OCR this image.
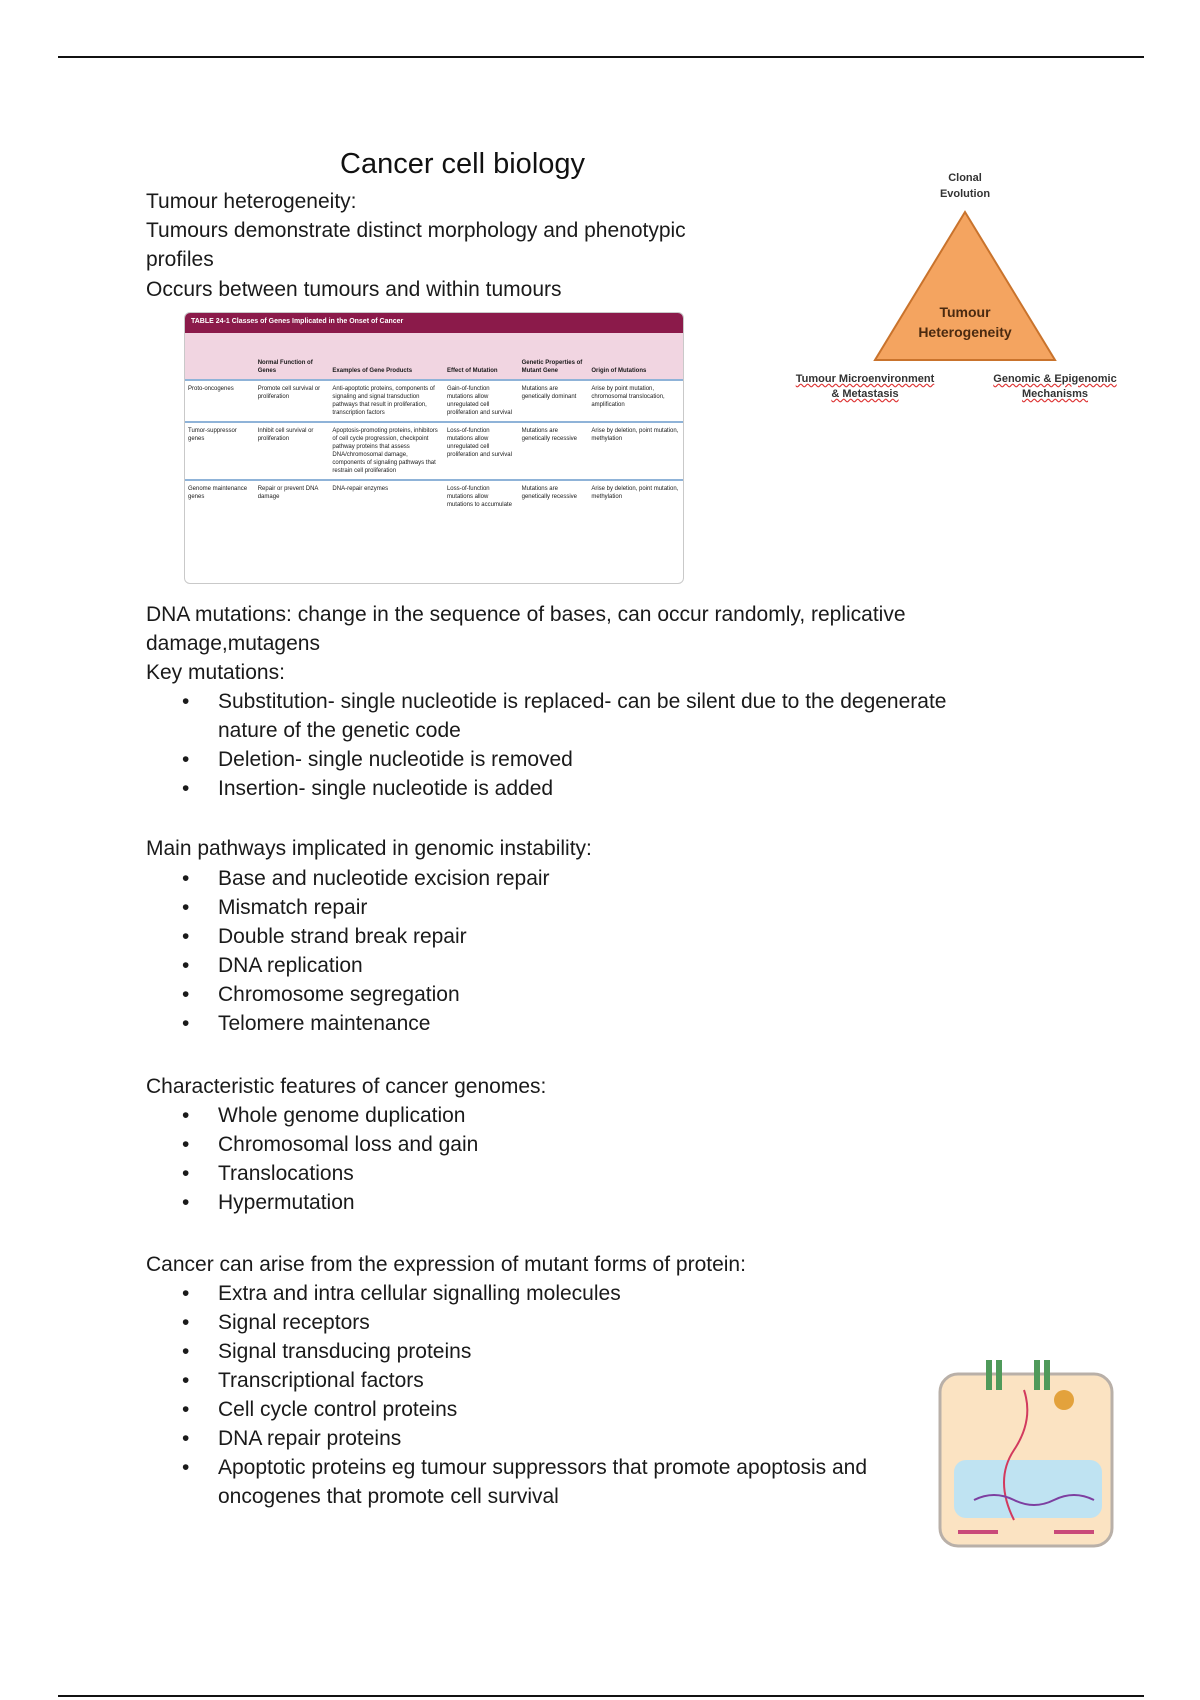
Cancer cell biology
Tumour heterogeneity:
Tumours demonstrate distinct morphology and phenotypic
profiles
Occurs between tumours and within tumours
TABLE 24-1 Classes of Genes Implicated in the Onset of Cancer
	Normal Function of Genes	Examples of Gene Products	Effect of Mutation	Genetic Properties of Mutant Gene	Origin of Mutations
Proto-oncogenes	Promote cell survival or proliferation	Anti-apoptotic proteins, components of signaling and signal transduction pathways that result in proliferation, transcription factors	Gain-of-function mutations allow unregulated cell proliferation and survival	Mutations are genetically dominant	Arise by point mutation, chromosomal translocation, amplification
Tumor-suppressor genes	Inhibit cell survival or proliferation	Apoptosis-promoting proteins, inhibitors of cell cycle progression, checkpoint pathway proteins that assess DNA/chromosomal damage, components of signaling pathways that restrain cell proliferation	Loss-of-function mutations allow unregulated cell proliferation and survival	Mutations are genetically recessive	Arise by deletion, point mutation, methylation
Genome maintenance genes	Repair or prevent DNA damage	DNA-repair enzymes	Loss-of-function mutations allow mutations to accumulate	Mutations are genetically recessive	Arise by deletion, point mutation, methylation
Clonal
Evolution
Tumour
Heterogeneity
Tumour Microenvironment
& Metastasis
Genomic & Epigenomic
Mechanisms
DNA mutations: change in the sequence of bases, can occur randomly, replicative
damage,mutagens
Key mutations:
• Substitution- single nucleotide is replaced- can be silent due to the degenerate
nature of the genetic code
• Deletion- single nucleotide is removed
• Insertion- single nucleotide is added
Main pathways implicated in genomic instability:
• Base and nucleotide excision repair
• Mismatch repair
• Double strand break repair
• DNA replication
• Chromosome segregation
• Telomere maintenance
Characteristic features of cancer genomes:
• Whole genome duplication
• Chromosomal loss and gain
• Translocations
• Hypermutation
Cancer can arise from the expression of mutant forms of protein:
• Extra and intra cellular signalling molecules
• Signal receptors
• Signal transducing proteins
• Transcriptional factors
• Cell cycle control proteins
• DNA repair proteins
• Apoptotic proteins eg tumour suppressors that promote apoptosis and
oncogenes that promote cell survival
